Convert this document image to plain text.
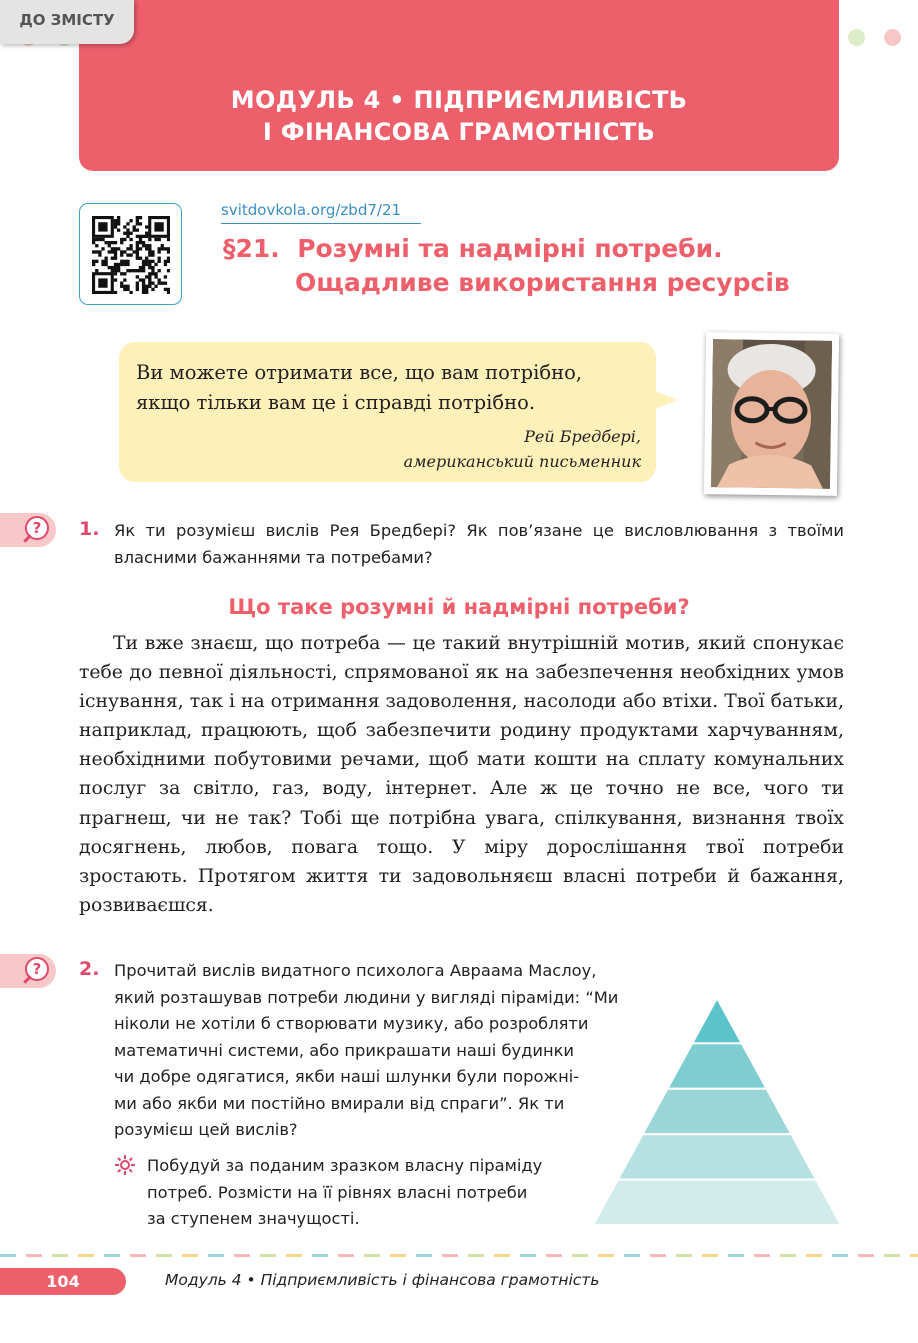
МОДУЛЬ 4 • ПІДПРИЄМЛИВІСТЬ
І ФІНАНСОВА ГРАМОТНІСТЬ
ДО ЗМІСТУ
svitdovkola.org/zbd7/21
§21. Розумні та надмірні потреби.
Ощадливе використання ресурсів
Ви можете отримати все, що вам потрібно,
якщо тільки вам це і справді потрібно.
Рей Бредбері,
американський письменник
?	1. Як ти розумієш вислів Рея Бредбері? Як пов’язане це висловлювання з твоїми власними бажаннями та потребами?
Що таке розумні й надмірні потреби?
Ти вже знаєш, що потреба — це такий внутрішній мотив, який спонукає тебе до певної діяльності, спрямованої як на забезпечення необхідних умов існування, так і на отримання задоволення, насолоди або втіхи. Твої батьки, наприклад, працюють, щоб забезпечити родину продуктами харчуванням, необхідними побутовими речами, щоб мати кошти на сплату комунальних послуг за світло, газ, воду, інтернет. Але ж це точно не все, чого ти прагнеш, чи не так? Тобі ще потрібна увага, спілкування, визнання твоїх досягнень, любов, повага тощо. У міру дорослішання твої потреби зростають. Протягом життя ти задовольняєш власні потреби й бажання, розвиваєшся.
?	2. Прочитай вислів видатного психолога Авраама Маслоу,
який розташував потреби людини у вигляді піраміди: “Ми
ніколи не хотіли б створювати музику, або розробляти
математичні системи, або прикрашати наші будинки
чи добре одягатися, якби наші шлунки були порожні-
ми або якби ми постійно вмирали від спраги”. Як ти
розумієш цей вислів?
Побудуй за поданим зразком власну піраміду
потреб. Розмісти на її рівнях власні потреби
за ступенем значущості.
104	Модуль 4 • Підприємливість і фінансова грамотність
